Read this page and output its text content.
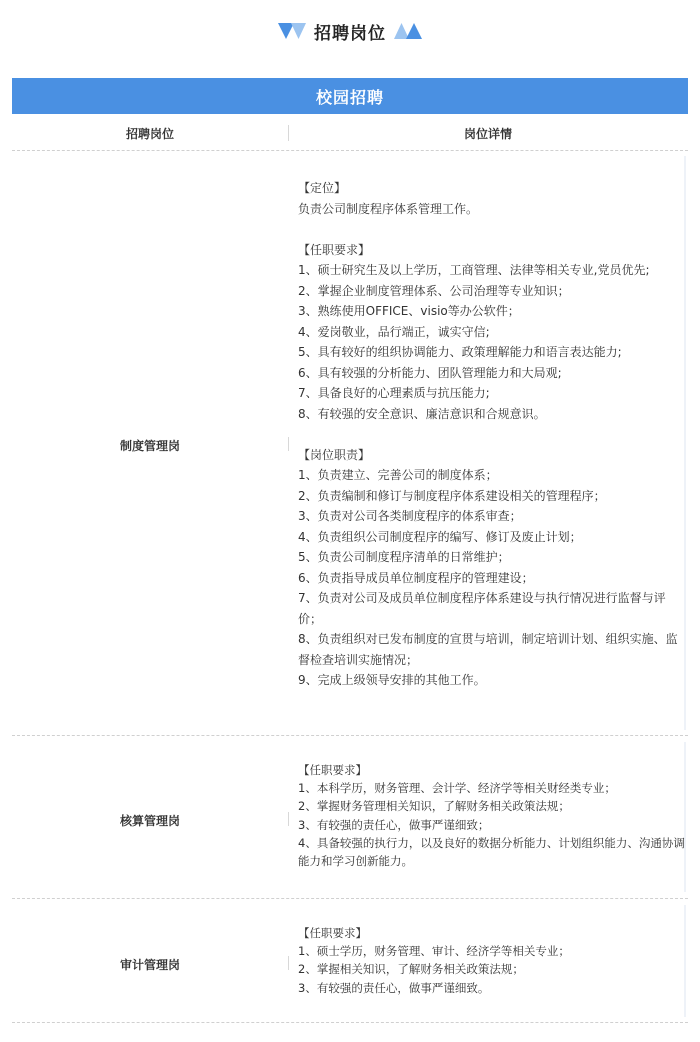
招聘岗位
校园招聘
招聘岗位	岗位详情
制度管理岗
【定位】
负责公司制度程序体系管理工作。
【任职要求】
1、硕士研究生及以上学历，工商管理、法律等相关专业,党员优先;
2、掌握企业制度管理体系、公司治理等专业知识；
3、熟练使用OFFICE、visio等办公软件；
4、爱岗敬业，品行端正，诚实守信;
5、具有较好的组织协调能力、政策理解能力和语言表达能力;
6、具有较强的分析能力、团队管理能力和大局观;
7、具备良好的心理素质与抗压能力;
8、有较强的安全意识、廉洁意识和合规意识。
【岗位职责】
1、负责建立、完善公司的制度体系；
2、负责编制和修订与制度程序体系建设相关的管理程序；
3、负责对公司各类制度程序的体系审查；
4、负责组织公司制度程序的编写、修订及废止计划；
5、负责公司制度程序清单的日常维护；
6、负责指导成员单位制度程序的管理建设；
7、负责对公司及成员单位制度程序体系建设与执行情况进行监督与评价；
8、负责组织对已发布制度的宣贯与培训，制定培训计划、组织实施、监督检查培训实施情况；
9、完成上级领导安排的其他工作。
核算管理岗
【任职要求】
1、本科学历，财务管理、会计学、经济学等相关财经类专业；
2、掌握财务管理相关知识，了解财务相关政策法规；
3、有较强的责任心，做事严谨细致；
4、具备较强的执行力，以及良好的数据分析能力、计划组织能力、沟通协调能力和学习创新能力。
审计管理岗
【任职要求】
1、硕士学历，财务管理、审计、经济学等相关专业；
2、掌握相关知识，了解财务相关政策法规；
3、有较强的责任心，做事严谨细致。
